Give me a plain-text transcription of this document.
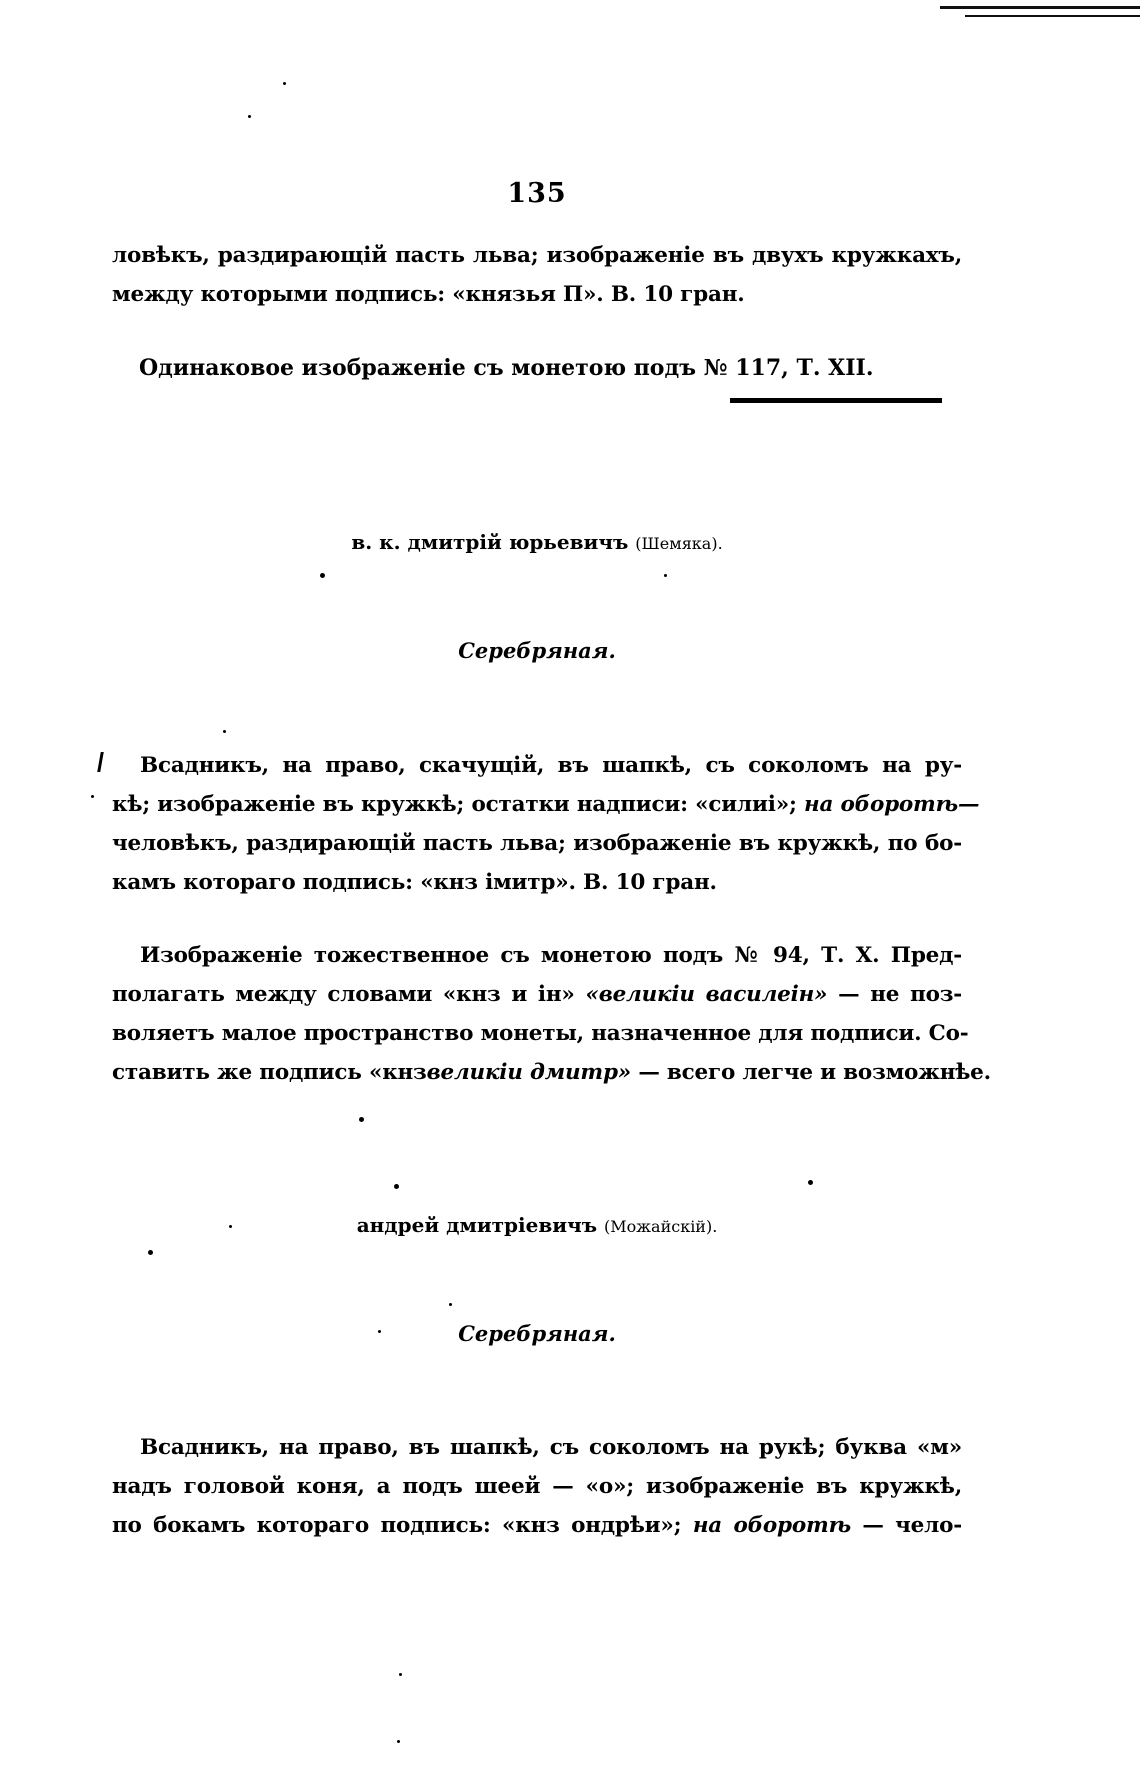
135
ловѣкъ, раздирающій пасть льва; изображеніе въ двухъ кружкахъ,
между которыми подпись: «князья П». В. 10 гран.
Одинаковое изображеніе съ монетою подъ № 117, Т. XII.
в. к. дмитрій юрьевичъ (Шемяка).
Серебряная.
Всадникъ, на право, скачущій, въ шапкѣ, съ соколомъ на ру-
кѣ; изображеніе въ кружкѣ; остатки надписи: «силиі»; на оборотѣ—
человѣкъ, раздирающій пасть льва; изображеніе въ кружкѣ, по бо-
камъ котораго подпись: «кнз імитр». В. 10 гран.
Изображеніе тожественное съ монетою подъ № 94, Т. X. Пред-
полагать между словами «кнз и ін» «великіи василеін» — не поз-
воляетъ малое пространство монеты, назначенное для подписи. Со-
ставить же подпись «кнзвеликіи дмитр» — всего легче и возможнѣе.
андрей дмитріевичъ (Можайскій).
Серебряная.
Всадникъ, на право, въ шапкѣ, съ соколомъ на рукѣ; буква «м»
надъ головой коня, а подъ шеей — «о»; изображеніе въ кружкѣ,
по бокамъ котораго подпись: «кнз ондрѣи»; на оборотѣ — чело-
